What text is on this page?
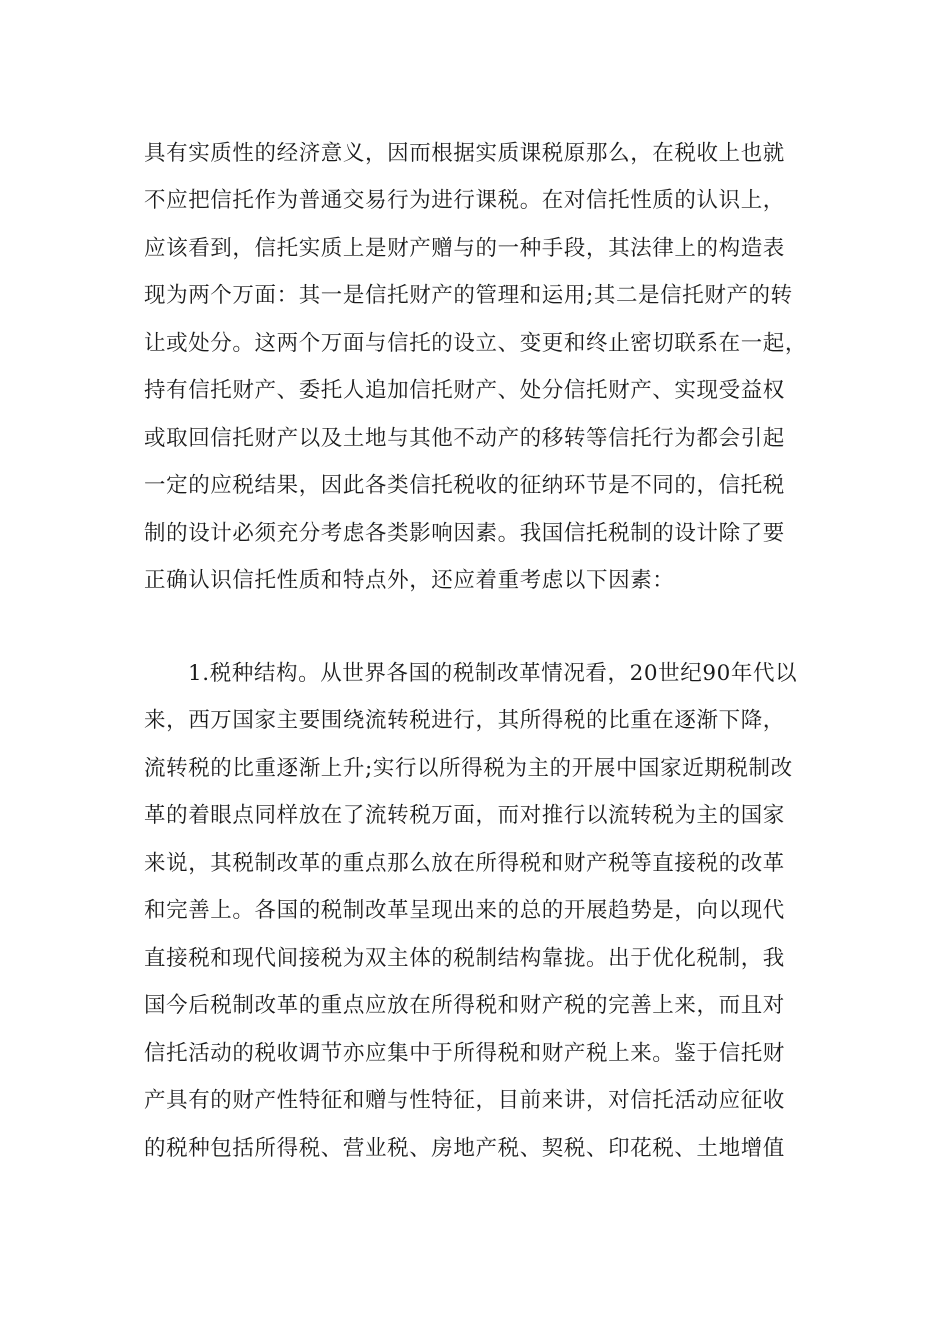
具有实质性的经济意义，因而根据实质课税原那么，在税收上也就
不应把信托作为普通交易行为进行课税。在对信托性质的认识上，
应该看到，信托实质上是财产赠与的一种手段，其法律上的构造表
现为两个万面：其一是信托财产的管理和运用;其二是信托财产的转
让或处分。这两个万面与信托的设立、变更和终止密切联系在一起，
持有信托财产、委托人追加信托财产、处分信托财产、实现受益权
或取回信托财产以及土地与其他不动产的移转等信托行为都会引起
一定的应税结果，因此各类信托税收的征纳环节是不同的，信托税
制的设计必须充分考虑各类影响因素。我国信托税制的设计除了要
正确认识信托性质和特点外，还应着重考虑以下因素：
1.税种结构。从世界各国的税制改革情况看，20世纪90年代以
来，西万国家主要围绕流转税进行，其所得税的比重在逐渐下降，
流转税的比重逐渐上升;实行以所得税为主的开展中国家近期税制改
革的着眼点同样放在了流转税万面，而对推行以流转税为主的国家
来说，其税制改革的重点那么放在所得税和财产税等直接税的改革
和完善上。各国的税制改革呈现出来的总的开展趋势是，向以现代
直接税和现代间接税为双主体的税制结构靠拢。出于优化税制，我
国今后税制改革的重点应放在所得税和财产税的完善上来，而且对
信托活动的税收调节亦应集中于所得税和财产税上来。鉴于信托财
产具有的财产性特征和赠与性特征，目前来讲，对信托活动应征收
的税种包括所得税、营业税、房地产税、契税、印花税、土地增值
